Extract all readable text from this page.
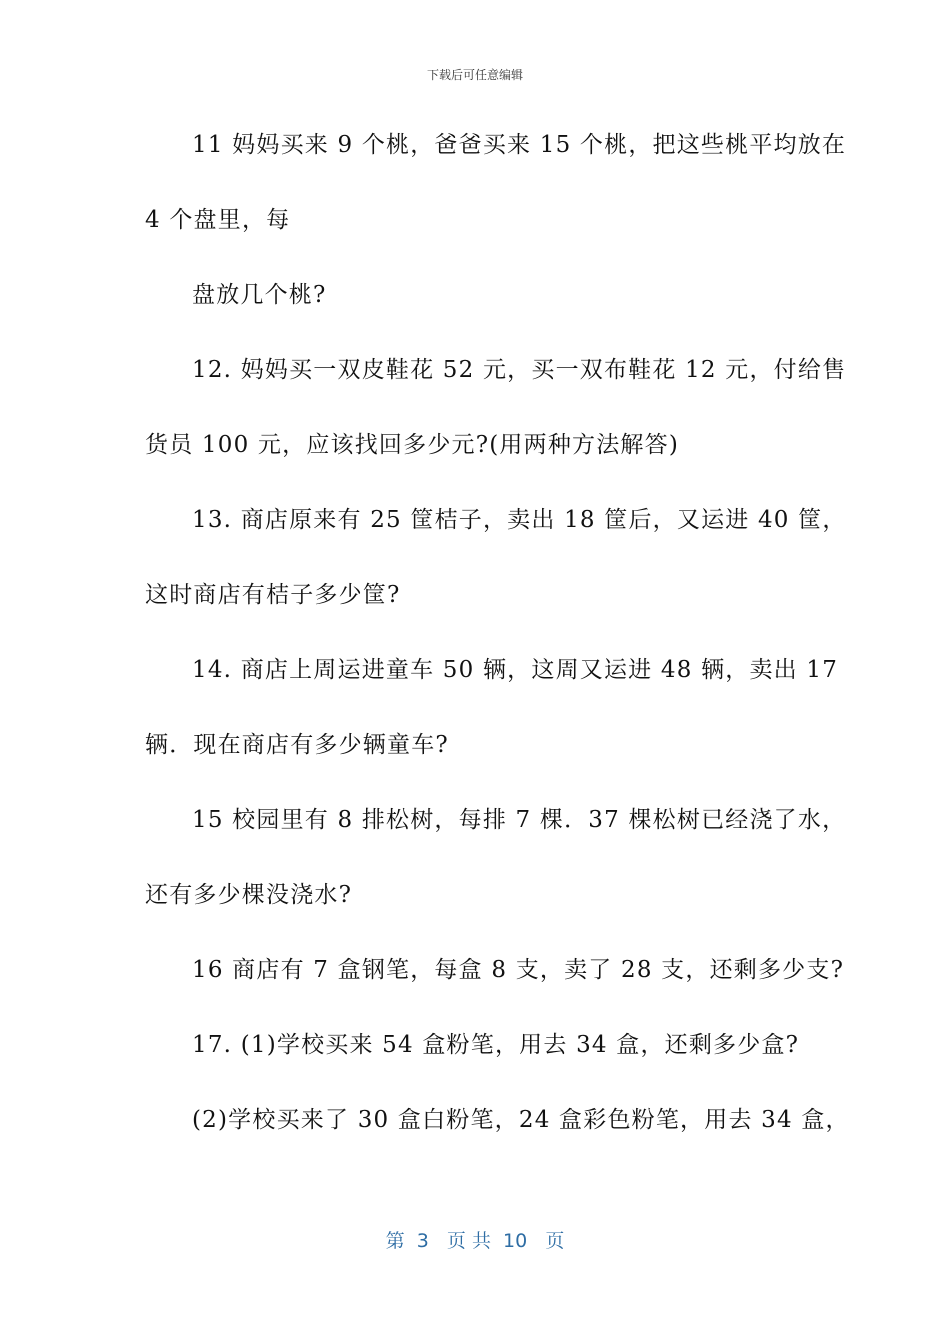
下载后可任意编辑
11 妈妈买来 9 个桃，爸爸买来 15 个桃，把这些桃平均放在
4 个盘里，每
盘放几个桃?
12. 妈妈买一双皮鞋花 52 元，买一双布鞋花 12 元，付给售
货员 100 元，应该找回多少元?(用两种方法解答)
13. 商店原来有 25 筐桔子，卖出 18 筐后，又运进 40 筐，
这时商店有桔子多少筐?
14. 商店上周运进童车 50 辆，这周又运进 48 辆，卖出 17
辆．现在商店有多少辆童车?
15 校园里有 8 排松树，每排 7 棵．37 棵松树已经浇了水，
还有多少棵没浇水?
16 商店有 7 盒钢笔，每盒 8 支，卖了 28 支，还剩多少支?
17. (1)学校买来 54 盒粉笔，用去 34 盒，还剩多少盒?
(2)学校买来了 30 盒白粉笔，24 盒彩色粉笔，用去 34 盒，
第  3   页 共  10   页
